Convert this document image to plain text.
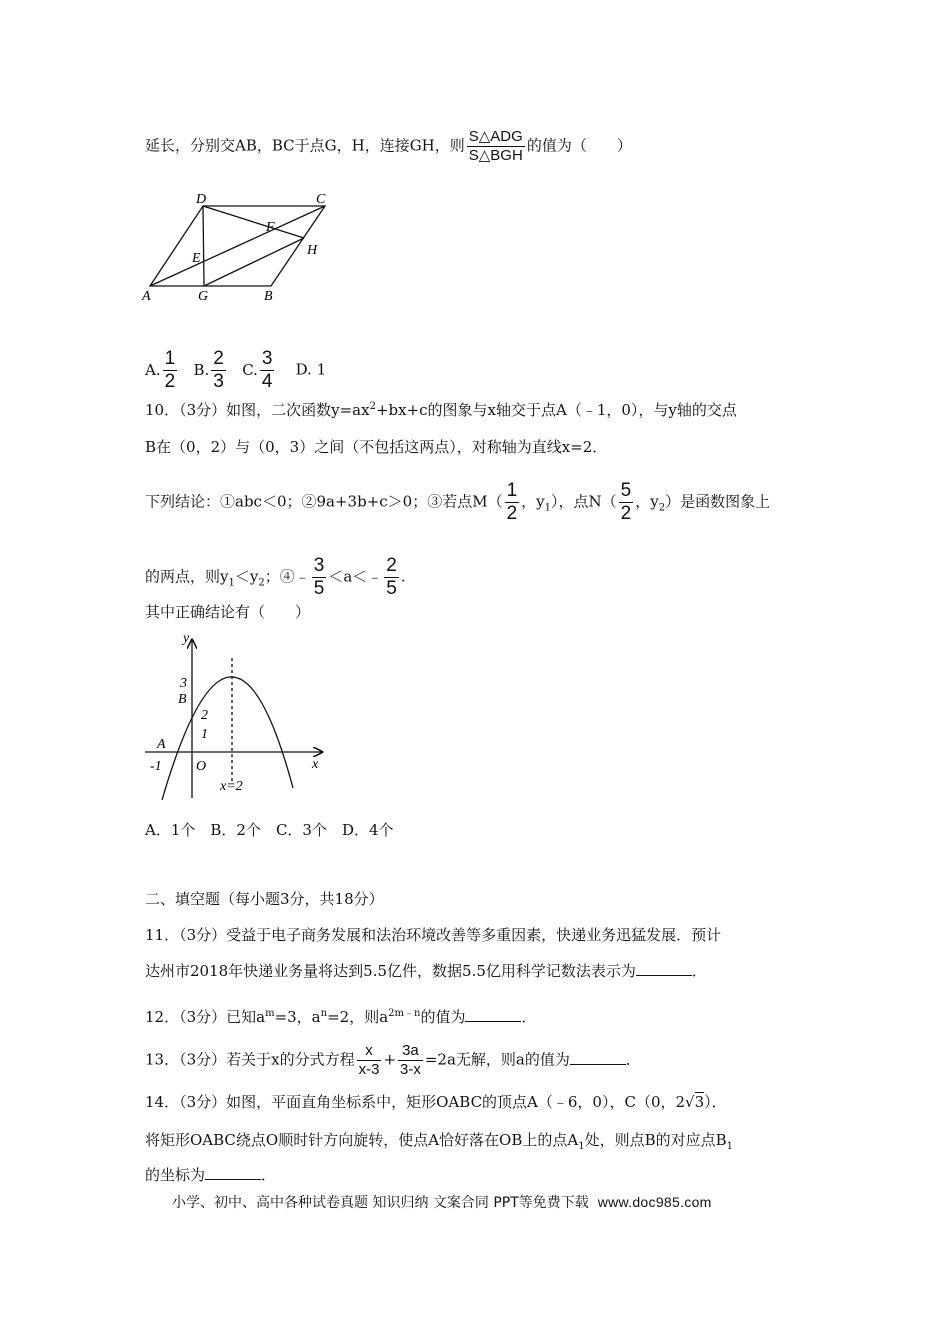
延长，分别交AB，BC于点G，H，连接GH，则 $\frac{\text{S△ADG}}{\text{S△BGH}}$ 的值为（　　）
D	C
F
H
E
A	G	B
A. $\frac{1}{2} B$. $\frac{2}{3} C$. $\frac{3}{4} D$. 1
10．（3分）如图，二次函数$y=ax^2+bx+c$的图象与x轴交于点A（﹣1，0），与y轴的交点
B在（0，2）与（0，3）之间（不包括这两点），对称轴为直线x=2．
下列结论：①abc＜0；②9a+3b+c＞0；③若点$M( \frac{1}{2}$ ，$y_1$），点$N( \frac{5}{2}$ ，$y_2$）是函数图象上
的两点，则$y_1<y_2$；④﹣ $\frac{3}{5}$ ＜a＜﹣ $\frac{2}{5}$ .
其中正确结论有（　　）
y
x
3
B
2
1
A
-1 O
x=2
A．1个　B．2个　C．3个　D．4个
二、填空题（每小题3分，共18分）
11．（3分）受益于电子商务发展和法治环境改善等多重因素，快递业务迅猛发展．预计
达州市2018年快递业务量将达到5.5亿件，数据5.5亿用科学记数法表示为	．
12．（3分）已知$a^m=3$，$a^n=2$，则$a^{2m﹣n}$的值为	．
13．（3分）若关于x的分式方程 $\frac{x}{x-3} + \frac{3a}{3-x} =2a$无解，则a的值为	．
14．（3分）如图，平面直角坐标系中，矩形OABC的顶点A（﹣6，0），C（0，2√3）．
将矩形OABC绕点O顺时针方向旋转，使点A恰好落在OB上的点$A_1$处，则点B的对应点$B_1$
的坐标为	．
小学、初中、高中各种试卷真题 知识归纳 文案合同 PPT等免费下载 www.doc985.com
